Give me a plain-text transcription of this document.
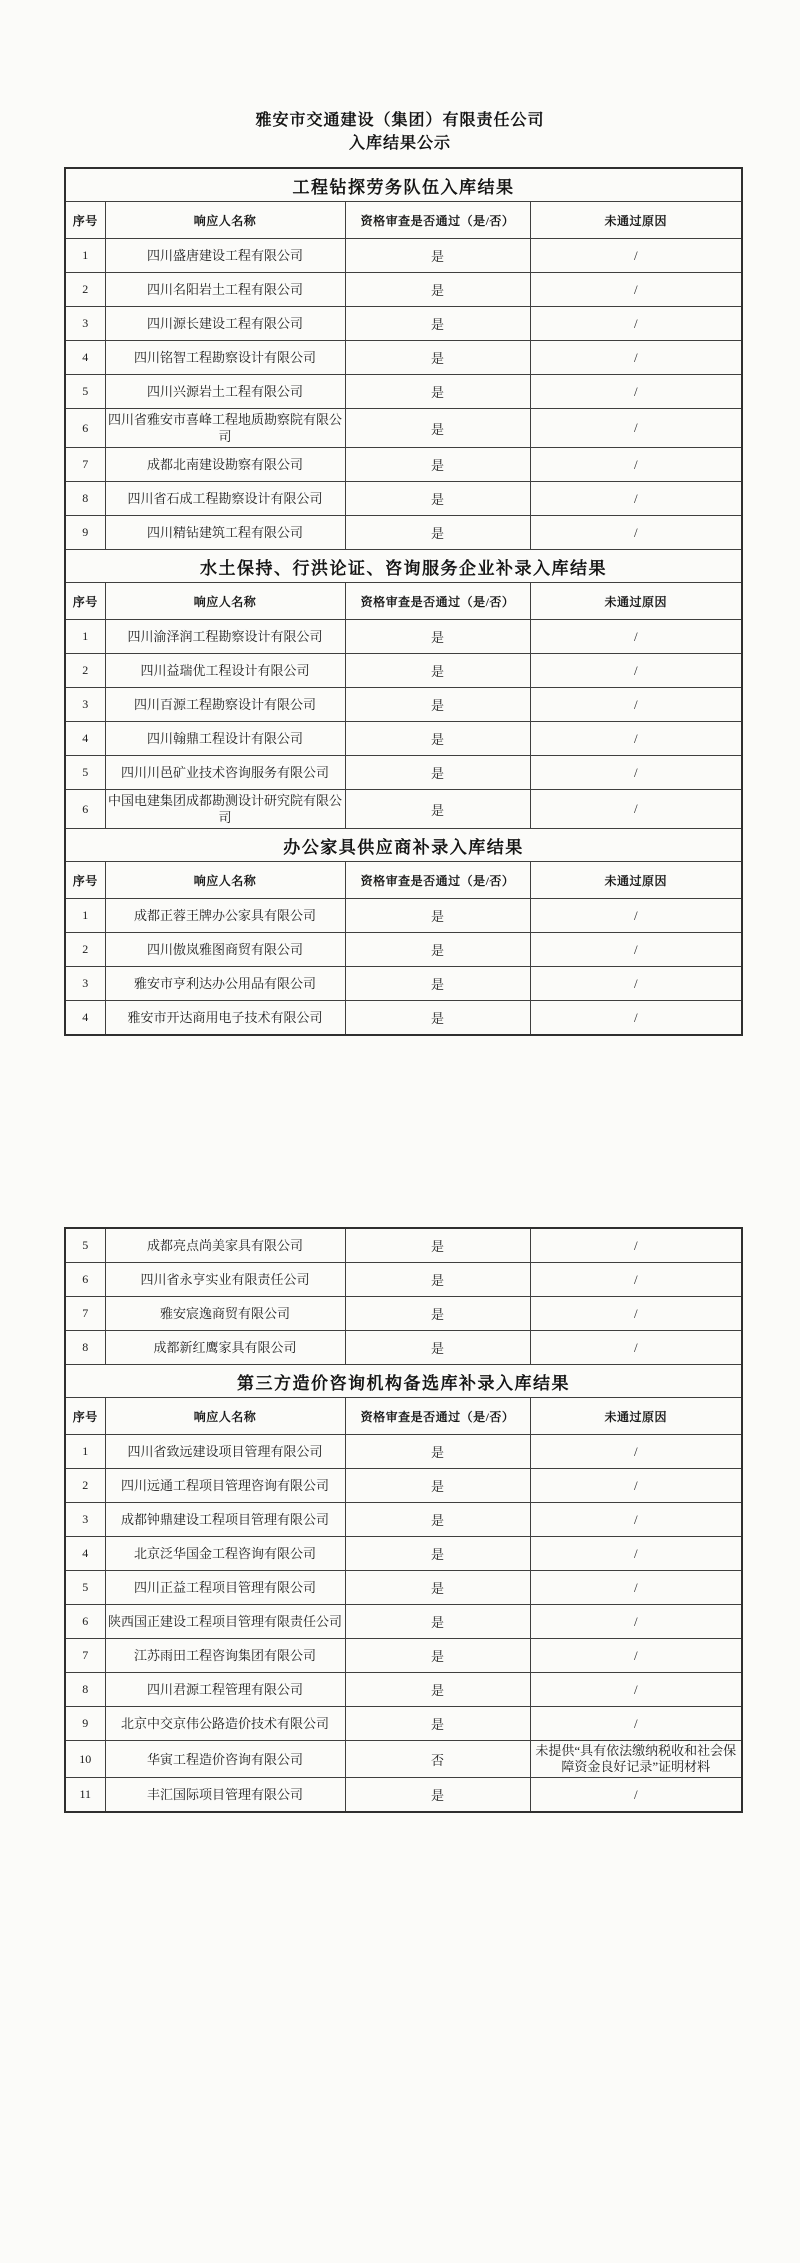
雅安市交通建设（集团）有限责任公司
入库结果公示
工程钻探劳务队伍入库结果			
序号	响应人名称	资格审查是否通过（是/否）	未通过原因
1	四川盛唐建设工程有限公司	是	/
2	四川名阳岩土工程有限公司	是	/
3	四川源长建设工程有限公司	是	/
4	四川铭智工程勘察设计有限公司	是	/
5	四川兴源岩土工程有限公司	是	/
6	四川省雅安市喜峰工程地质勘察院有限公司	是	/
7	成都北南建设勘察有限公司	是	/
8	四川省石成工程勘察设计有限公司	是	/
9	四川精钻建筑工程有限公司	是	/
水土保持、行洪论证、咨询服务企业补录入库结果			
序号	响应人名称	资格审查是否通过（是/否）	未通过原因
1	四川渝泽润工程勘察设计有限公司	是	/
2	四川益瑞优工程设计有限公司	是	/
3	四川百源工程勘察设计有限公司	是	/
4	四川翰鼎工程设计有限公司	是	/
5	四川川邑矿业技术咨询服务有限公司	是	/
6	中国电建集团成都勘测设计研究院有限公司	是	/
办公家具供应商补录入库结果			
序号	响应人名称	资格审查是否通过（是/否）	未通过原因
1	成都正蓉王牌办公家具有限公司	是	/
2	四川傲岚雅图商贸有限公司	是	/
3	雅安市亨利达办公用品有限公司	是	/
4	雅安市开达商用电子技术有限公司	是	/
5	成都亮点尚美家具有限公司	是	/
6	四川省永亨实业有限责任公司	是	/
7	雅安宸逸商贸有限公司	是	/
8	成都新红鹰家具有限公司	是	/
第三方造价咨询机构备选库补录入库结果			
序号	响应人名称	资格审查是否通过（是/否）	未通过原因
1	四川省致远建设项目管理有限公司	是	/
2	四川远通工程项目管理咨询有限公司	是	/
3	成都钟鼎建设工程项目管理有限公司	是	/
4	北京泛华国金工程咨询有限公司	是	/
5	四川正益工程项目管理有限公司	是	/
6	陕西国正建设工程项目管理有限责任公司	是	/
7	江苏雨田工程咨询集团有限公司	是	/
8	四川君源工程管理有限公司	是	/
9	北京中交京伟公路造价技术有限公司	是	/
10	华寅工程造价咨询有限公司	否	未提供“具有依法缴纳税收和社会保障资金良好记录”证明材料
11	丰汇国际项目管理有限公司	是	/
